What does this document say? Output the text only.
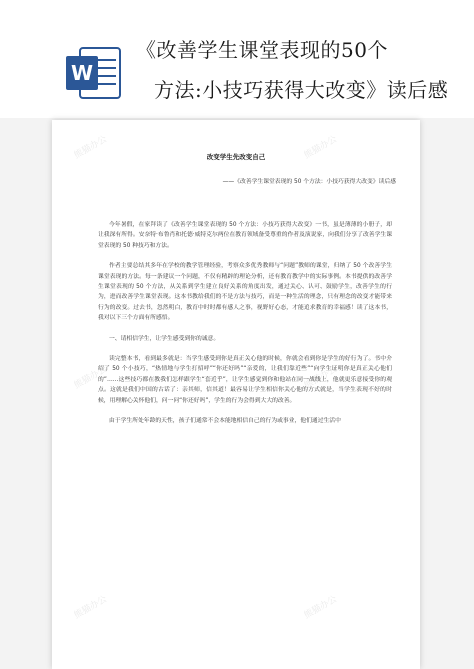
W
《改善学生课堂表现的50个
方法:小技巧获得大改变》读后感
熊猫办公	熊猫办公
熊猫办公	熊猫办公
熊猫办公	熊猫办公
改变学生先改变自己
——《改善学生课堂表现的 50 个方法：小技巧获得大改变》读后感

今年暑假，在家拜读了《改善学生课堂表现的 50 个方法：小技巧获得大改变》一书，虽是薄薄的小册子，却让我深有所得。安奈特·布鲁肖和托德·威特克尔两位在教育领域备受尊重的作者及演说家，向我们分享了改善学生课堂表现的 50 种技巧和方法。

作者主要总结其多年在学校的教学管理经验，考察众多优秀教师与“问题”教师的课堂，归纳了 50 个改善学生课堂表现的方法。每一条建议一个问题，不仅有精辟的理论分析，还有教育教学中的实际事例。本书提供的改善学生课堂表现的 50 个方法，从关系到学生建立良好关系的角度出发，通过关心、认可、鼓励学生，改善学生的行为，进而改善学生课堂表现。这本书教给我们的不是方法与技巧，而是一种生活的理念，只有理念的改变才能带来行为的改变。过去书，忽然明白，教育中时时都有感人之事，视野好心态，才能追求教育的幸福感！读了这本书，我对以下三个方面有所感悟。

一、请相信学生，让学生感受到你的诚意。

读完整本书，看到最多就是：当学生感受到你是真正关心他的时候，你就会看到你是学生的好行为了。书中介绍了 50 个小技巧，“热情地与学生打招呼”“你还好吗”“亲爱的，让我们靠近些”“向学生证明你是真正关心他们的”……这些技巧都在教我们怎样跟学生“套近乎”，让学生感觉到你和他站在同一战线上，他就更乐意接受你的观点。这就是我们中国的古话了：亲其师，信其道！最容易让学生相信你关心他的方式就是，当学生表现不好的时候，用理解心关怀他们，问一问“你还好吗”，学生的行为会得到大大的改善。

由于学生所处年龄的天性，孩子们通常不会本能地相信自己的行为或事业，他们通过生活中
